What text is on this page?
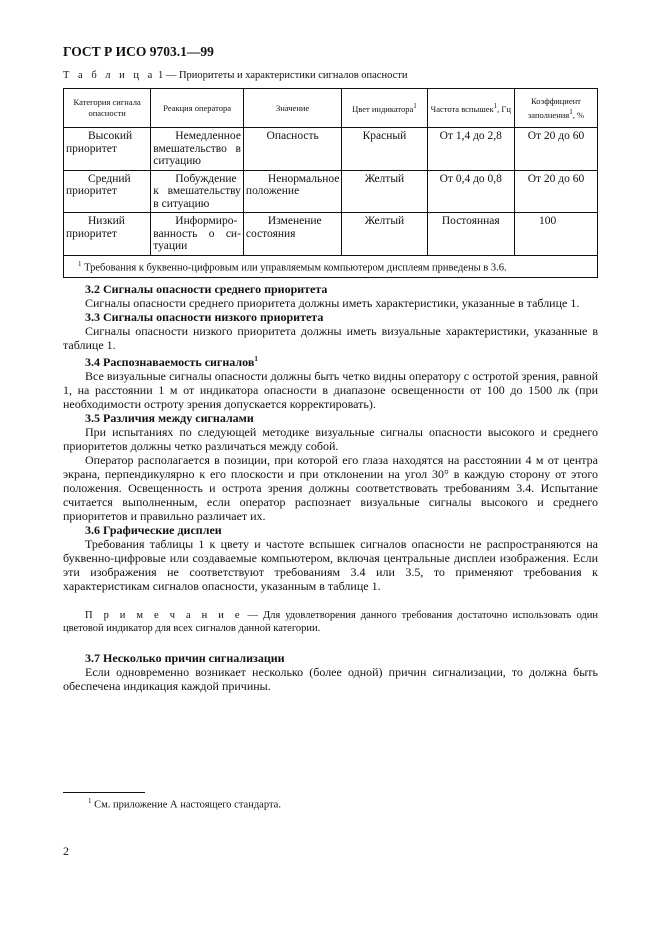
ГОСТ Р ИСО 9703.1—99
Т а б л и ц а 1 — Приоритеты и характеристики сигналов опасности
Категория сигнала опасности	Реакция оператора	Значение	Цвет индикатора$^1$	Частота вспышек$^1$, Гц	Коэффициент заполнения$^1$, %
Высокий приоритет	Немедленное вмешательство в ситуацию	Опасность	Красный	От 1,4 до 2,8	От 20 до 60
Средний приоритет	Побуждение к вмешательству в ситуацию	Ненормальное положение	Желтый	От 0,4 до 0,8	От 20 до 60
Низкий приоритет	Информиро-ванность о си-туации	Изменение состояния	Желтый	Постоянная	100
$^1$ Требования к буквенно-цифровым или управляемым компьютером дисплеям приведены в 3.6.					
3.2 Сигналы опасности среднего приоритета

Сигналы опасности среднего приоритета должны иметь характеристики, указанные в таблице 1.

3.3 Сигналы опасности низкого приоритета

Сигналы опасности низкого приоритета должны иметь визуальные характеристики, указанные в таблице 1.

3.4 Распознаваемость сигналов$^1$

Все визуальные сигналы опасности должны быть четко видны оператору с остротой зрения, равной 1, на расстоянии 1 м от индикатора опасности в диапазоне освещенности от 100 до 1500 лк (при необходимости остроту зрения допускается корректировать).

3.5 Различия между сигналами

При испытаниях по следующей методике визуальные сигналы опасности высокого и среднего приоритетов должны четко различаться между собой.

Оператор располагается в позиции, при которой его глаза находятся на расстоянии 4 м от центра экрана, перпендикулярно к его плоскости и при отклонении на угол 30° в каждую сторону от этого положения. Освещенность и острота зрения должны соответствовать требованиям 3.4. Испытание считается выполненным, если оператор распознает визуальные сигналы высокого и среднего приоритетов и правильно различает их.

3.6 Графические дисплеи

Требования таблицы 1 к цвету и частоте вспышек сигналов опасности не распространяются на буквенно-цифровые или создаваемые компьютером, включая центральные дисплеи изображения. Если эти изображения не соответствуют требованиям 3.4 или 3.5, то применяют требования к характеристикам сигналов опасности, указанным в таблице 1.

П р и м е ч а н и е — Для удовлетворения данного требования достаточно использовать один цветовой индикатор для всех сигналов данной категории.

3.7 Несколько причин сигнализации

Если одновременно возникает несколько (более одной) причин сигнализации, то должна быть обеспечена индикация каждой причины.

$^1$ См. приложение А настоящего стандарта.
2
